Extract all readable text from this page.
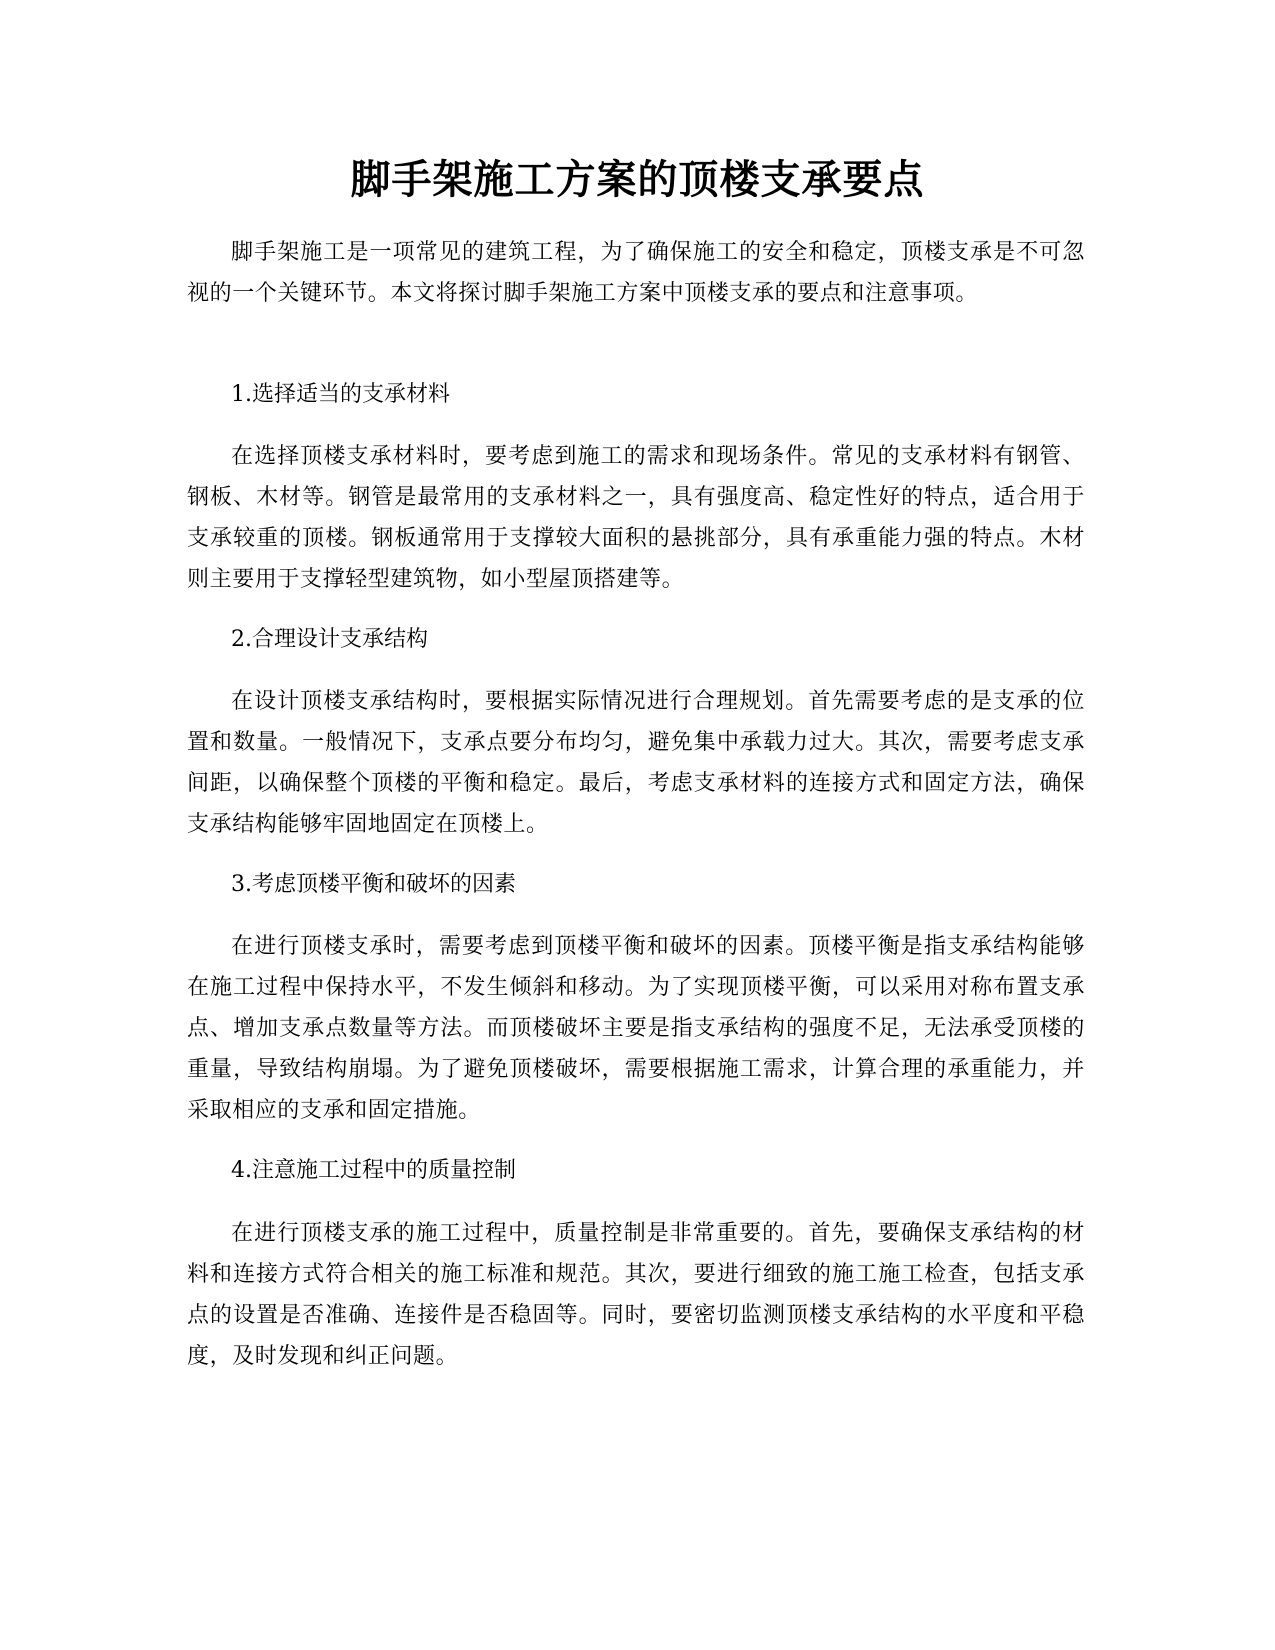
脚手架施工方案的顶楼支承要点

脚手架施工是一项常见的建筑工程，为了确保施工的安全和稳定，顶楼支承是不可忽视的一个关键环节。本文将探讨脚手架施工方案中顶楼支承的要点和注意事项。

1.选择适当的支承材料

在选择顶楼支承材料时，要考虑到施工的需求和现场条件。常见的支承材料有钢管、钢板、木材等。钢管是最常用的支承材料之一，具有强度高、稳定性好的特点，适合用于支承较重的顶楼。钢板通常用于支撑较大面积的悬挑部分，具有承重能力强的特点。木材则主要用于支撑轻型建筑物，如小型屋顶搭建等。

2.合理设计支承结构

在设计顶楼支承结构时，要根据实际情况进行合理规划。首先需要考虑的是支承的位置和数量。一般情况下，支承点要分布均匀，避免集中承载力过大。其次，需要考虑支承间距，以确保整个顶楼的平衡和稳定。最后，考虑支承材料的连接方式和固定方法，确保支承结构能够牢固地固定在顶楼上。

3.考虑顶楼平衡和破坏的因素

在进行顶楼支承时，需要考虑到顶楼平衡和破坏的因素。顶楼平衡是指支承结构能够在施工过程中保持水平，不发生倾斜和移动。为了实现顶楼平衡，可以采用对称布置支承点、增加支承点数量等方法。而顶楼破坏主要是指支承结构的强度不足，无法承受顶楼的重量，导致结构崩塌。为了避免顶楼破坏，需要根据施工需求，计算合理的承重能力，并采取相应的支承和固定措施。

4.注意施工过程中的质量控制

在进行顶楼支承的施工过程中，质量控制是非常重要的。首先，要确保支承结构的材料和连接方式符合相关的施工标准和规范。其次，要进行细致的施工施工检查，包括支承点的设置是否准确、连接件是否稳固等。同时，要密切监测顶楼支承结构的水平度和平稳度，及时发现和纠正问题。
